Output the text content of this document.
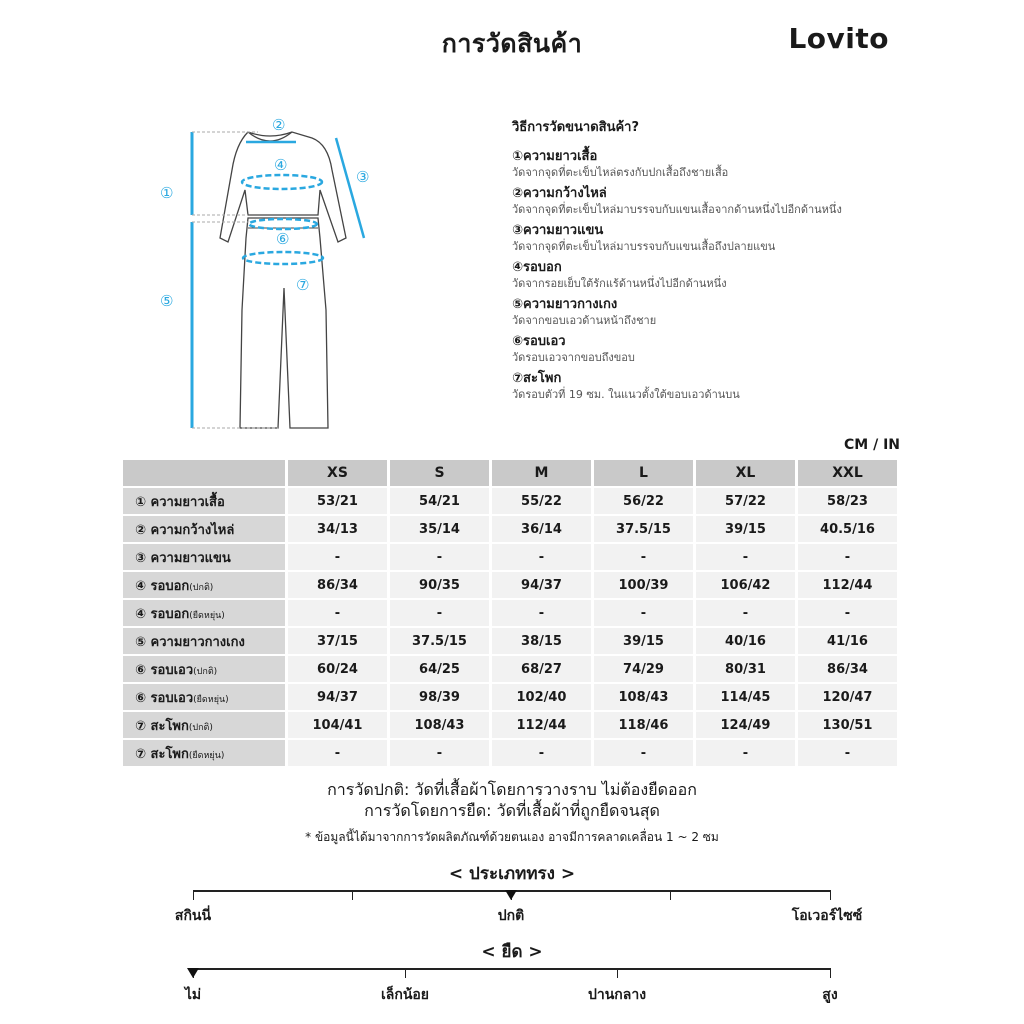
การวัดสินค้า	Lovito
①
②
③
④
⑤
⑥
⑦
วิธีการวัดขนาดสินค้า?
①ความยาวเสื้อ
วัดจากจุดที่ตะเข็บไหล่ตรงกับปกเสื้อถึงชายเสื้อ
②ความกว้างไหล่
วัดจากจุดที่ตะเข็บไหล่มาบรรจบกับแขนเสื้อจากด้านหนึ่งไปอีกด้านหนึ่ง
③ความยาวแขน
วัดจากจุดที่ตะเข็บไหล่มาบรรจบกับแขนเสื้อถึงปลายแขน
④รอบอก
วัดจากรอยเย็บใต้รักแร้ด้านหนึ่งไปอีกด้านหนึ่ง
⑤ความยาวกางเกง
วัดจากขอบเอวด้านหน้าถึงชาย
⑥รอบเอว
วัดรอบเอวจากขอบถึงขอบ
⑦สะโพก
วัดรอบตัวที่ 19 ซม. ในแนวตั้งใต้ขอบเอวด้านบน
CM / IN
	XS	S	M	L	XL	XXL
① ความยาวเสื้อ	53/21	54/21	55/22	56/22	57/22	58/23
② ความกว้างไหล่	34/13	35/14	36/14	37.5/15	39/15	40.5/16
③ ความยาวแขน	-	-	-	-	-	-
④ รอบอก(ปกติ)	86/34	90/35	94/37	100/39	106/42	112/44
④ รอบอก(ยืดหยุ่น)	-	-	-	-	-	-
⑤ ความยาวกางเกง	37/15	37.5/15	38/15	39/15	40/16	41/16
⑥ รอบเอว(ปกติ)	60/24	64/25	68/27	74/29	80/31	86/34
⑥ รอบเอว(ยืดหยุ่น)	94/37	98/39	102/40	108/43	114/45	120/47
⑦ สะโพก(ปกติ)	104/41	108/43	112/44	118/46	124/49	130/51
⑦ สะโพก(ยืดหยุ่น)	-	-	-	-	-	-
การวัดปกติ: วัดที่เสื้อผ้าโดยการวางราบ ไม่ต้องยืดออก
การวัดโดยการยืด: วัดที่เสื้อผ้าที่ถูกยืดจนสุด
* ข้อมูลนี้ได้มาจากการวัดผลิตภัณฑ์ด้วยตนเอง อาจมีการคลาดเคลื่อน 1 ~ 2 ซม
< ประเภททรง >
สกินนี่	ปกติ	โอเวอร์ไซซ์
< ยืด >
ไม่	เล็กน้อย	ปานกลาง	สูง
